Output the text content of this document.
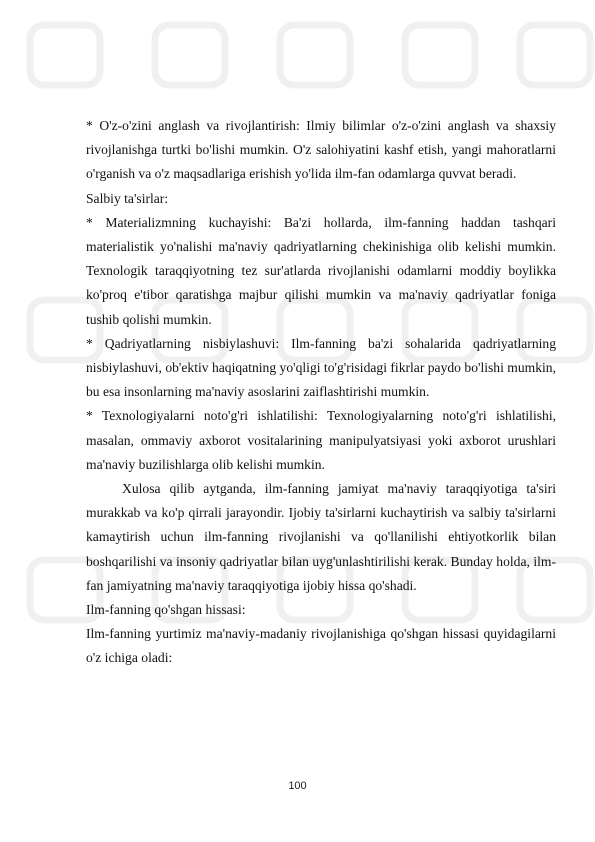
* O'z-o'zini anglash va rivojlantirish: Ilmiy bilimlar o'z-o'zini anglash va shaxsiy rivojlanishga turtki bo'lishi mumkin. O'z salohiyatini kashf etish, yangi mahoratlarni o'rganish va o'z maqsadlariga erishish yo'lida ilm-fan odamlarga quvvat beradi.

Salbiy ta'sirlar:

* Materializmning kuchayishi: Ba'zi hollarda, ilm-fanning haddan tashqari materialistik yo'nalishi ma'naviy qadriyatlarning chekinishiga olib kelishi mumkin. Texnologik taraqqiyotning tez sur'atlarda rivojlanishi odamlarni moddiy boylikka ko'proq e'tibor qaratishga majbur qilishi mumkin va ma'naviy qadriyatlar foniga tushib qolishi mumkin.

* Qadriyatlarning nisbiylashuvi: Ilm-fanning ba'zi sohalarida qadriyatlarning nisbiylashuvi, ob'ektiv haqiqatning yo'qligi to'g'risidagi fikrlar paydo bo'lishi mumkin, bu esa insonlarning ma'naviy asoslarini zaiflashtirishi mumkin.

* Texnologiyalarni noto'g'ri ishlatilishi: Texnologiyalarning noto'g'ri ishlatilishi, masalan, ommaviy axborot vositalarining manipulyatsiyasi yoki axborot urushlari ma'naviy buzilishlarga olib kelishi mumkin.

Xulosa qilib aytganda, ilm-fanning jamiyat ma'naviy taraqqiyotiga ta'siri murakkab va ko'p qirrali jarayondir. Ijobiy ta'sirlarni kuchaytirish va salbiy ta'sirlarni kamaytirish uchun ilm-fanning rivojlanishi va qo'llanilishi ehtiyotkorlik bilan boshqarilishi va insoniy qadriyatlar bilan uyg'unlashtirilishi kerak. Bunday holda, ilm-fan jamiyatning ma'naviy taraqqiyotiga ijobiy hissa qo'shadi.

Ilm-fanning qo'shgan hissasi:

Ilm-fanning yurtimiz ma'naviy-madaniy rivojlanishiga qo'shgan hissasi quyidagilarni o'z ichiga oladi:

100
